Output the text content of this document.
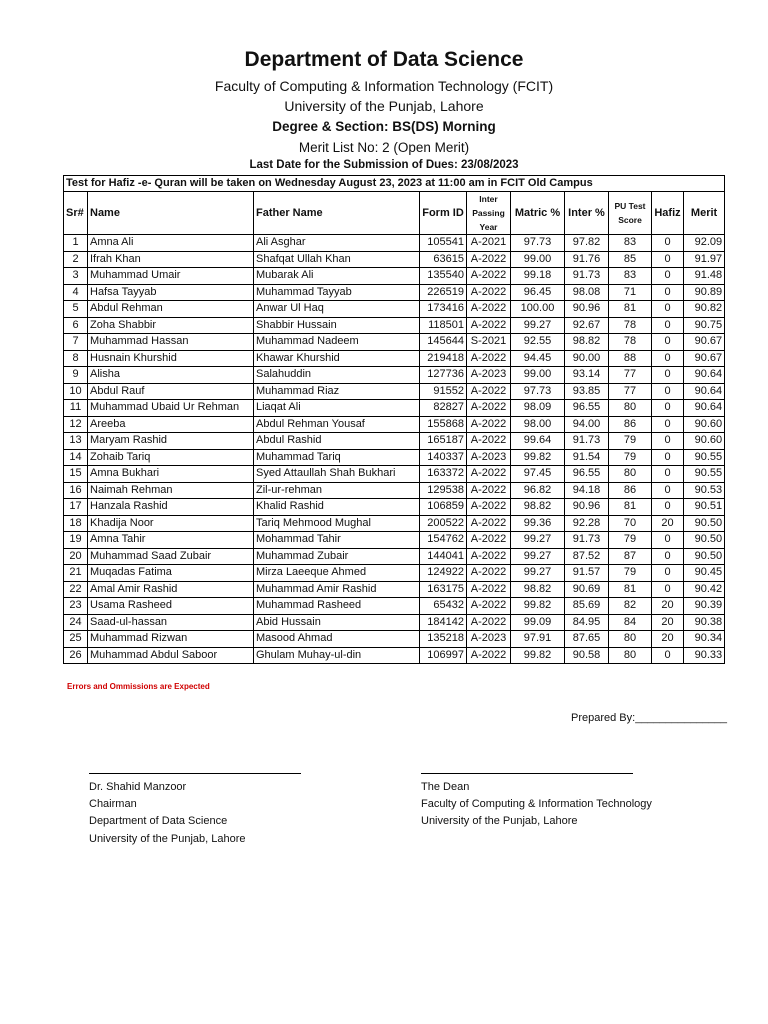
Department of Data Science
Faculty of Computing & Information Technology (FCIT)
University of the Punjab, Lahore
Degree & Section: BS(DS) Morning
Merit List No: 2 (Open Merit)
Last Date for the Submission of Dues: 23/08/2023
Test for Hafiz -e- Quran will be taken on Wednesday August 23, 2023 at 11:00 am in FCIT Old Campus									
Sr#	Name	Father Name	Form ID	Inter Passing Year	Matric %	Inter %	PU Test Score	Hafiz	Merit
1	Amna Ali	Ali Asghar	105541	A-2021	97.73	97.82	83	0	92.09
2	Ifrah Khan	Shafqat Ullah Khan	63615	A-2022	99.00	91.76	85	0	91.97
3	Muhammad Umair	Mubarak Ali	135540	A-2022	99.18	91.73	83	0	91.48
4	Hafsa Tayyab	Muhammad Tayyab	226519	A-2022	96.45	98.08	71	0	90.89
5	Abdul Rehman	Anwar Ul Haq	173416	A-2022	100.00	90.96	81	0	90.82
6	Zoha Shabbir	Shabbir Hussain	118501	A-2022	99.27	92.67	78	0	90.75
7	Muhammad Hassan	Muhammad Nadeem	145644	S-2021	92.55	98.82	78	0	90.67
8	Husnain Khurshid	Khawar Khurshid	219418	A-2022	94.45	90.00	88	0	90.67
9	Alisha	Salahuddin	127736	A-2023	99.00	93.14	77	0	90.64
10	Abdul Rauf	Muhammad Riaz	91552	A-2022	97.73	93.85	77	0	90.64
11	Muhammad Ubaid Ur Rehman	Liaqat Ali	82827	A-2022	98.09	96.55	80	0	90.64
12	Areeba	Abdul Rehman Yousaf	155868	A-2022	98.00	94.00	86	0	90.60
13	Maryam Rashid	Abdul Rashid	165187	A-2022	99.64	91.73	79	0	90.60
14	Zohaib Tariq	Muhammad Tariq	140337	A-2023	99.82	91.54	79	0	90.55
15	Amna Bukhari	Syed Attaullah Shah Bukhari	163372	A-2022	97.45	96.55	80	0	90.55
16	Naimah Rehman	Zil-ur-rehman	129538	A-2022	96.82	94.18	86	0	90.53
17	Hanzala Rashid	Khalid Rashid	106859	A-2022	98.82	90.96	81	0	90.51
18	Khadija Noor	Tariq Mehmood Mughal	200522	A-2022	99.36	92.28	70	20	90.50
19	Amna Tahir	Mohammad Tahir	154762	A-2022	99.27	91.73	79	0	90.50
20	Muhammad Saad Zubair	Muhammad Zubair	144041	A-2022	99.27	87.52	87	0	90.50
21	Muqadas Fatima	Mirza Laeeque Ahmed	124922	A-2022	99.27	91.57	79	0	90.45
22	Amal Amir Rashid	Muhammad Amir Rashid	163175	A-2022	98.82	90.69	81	0	90.42
23	Usama Rasheed	Muhammad Rasheed	65432	A-2022	99.82	85.69	82	20	90.39
24	Saad-ul-hassan	Abid Hussain	184142	A-2022	99.09	84.95	84	20	90.38
25	Muhammad Rizwan	Masood Ahmad	135218	A-2023	97.91	87.65	80	20	90.34
26	Muhammad Abdul Saboor	Ghulam Muhay-ul-din	106997	A-2022	99.82	90.58	80	0	90.33
Errors and Ommissions are Expected
Prepared By:_______________
Dr. Shahid Manzoor
Chairman
Department of Data Science
University of the Punjab, Lahore
The Dean
Faculty of Computing & Information Technology
University of the Punjab, Lahore
